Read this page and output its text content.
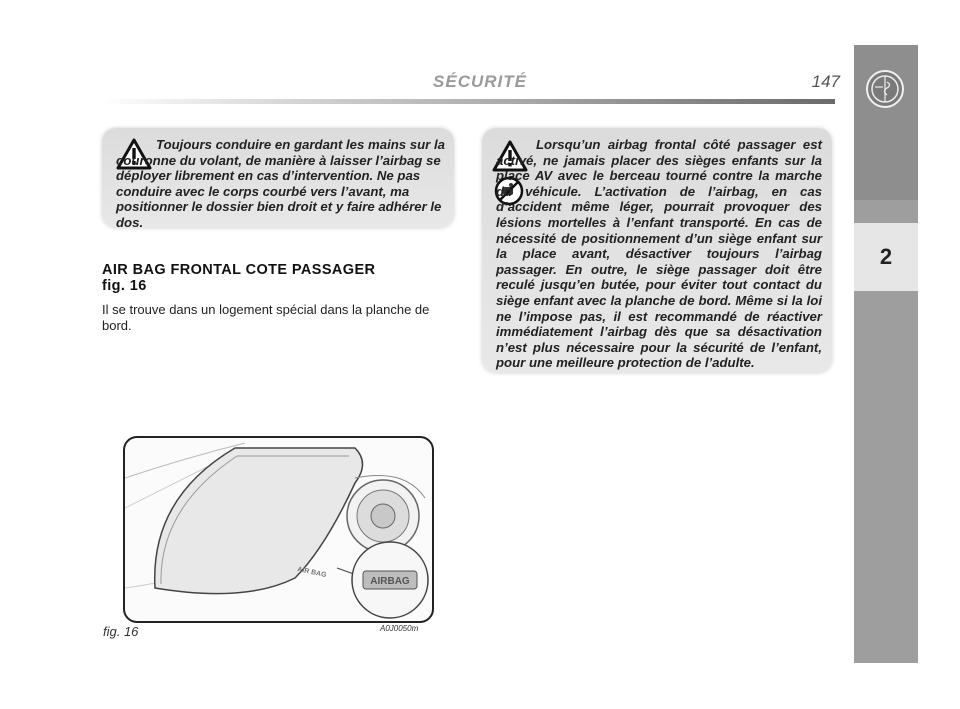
SÉCURITÉ	147
2
Toujours conduire en gardant les mains sur la couronne du volant, de manière à laisser l’airbag se déployer librement en cas d’intervention. Ne pas conduire avec le corps courbé vers l’avant, ma positionner le dossier bien droit et y faire adhérer le dos.
Lorsqu’un airbag frontal côté passager est activé, ne jamais placer des sièges enfants sur la place AV avec le berceau tourné contre la marche du véhicule. L’activation de l’airbag, en cas d’accident même léger, pourrait provoquer des lésions mortelles à l’enfant transporté. En cas de nécessité de positionnement d’un siège enfant sur la place avant, désactiver toujours l’airbag passager. En outre, le siège passager doit être reculé jusqu’en butée, pour éviter tout contact du siège enfant avec la planche de bord. Même si la loi ne l’impose pas, il est recommandé de réactiver immédiatement l’airbag dès que sa désactivation n’est plus nécessaire pour la sécurité de l’enfant, pour une meilleure protection de l’adulte.
AIR BAG FRONTAL COTE PASSAGER
fig. 16
Il se trouve dans un logement spécial dans la planche de bord.
AIRBAG
AIR BAG
fig. 16	A0J0050m
